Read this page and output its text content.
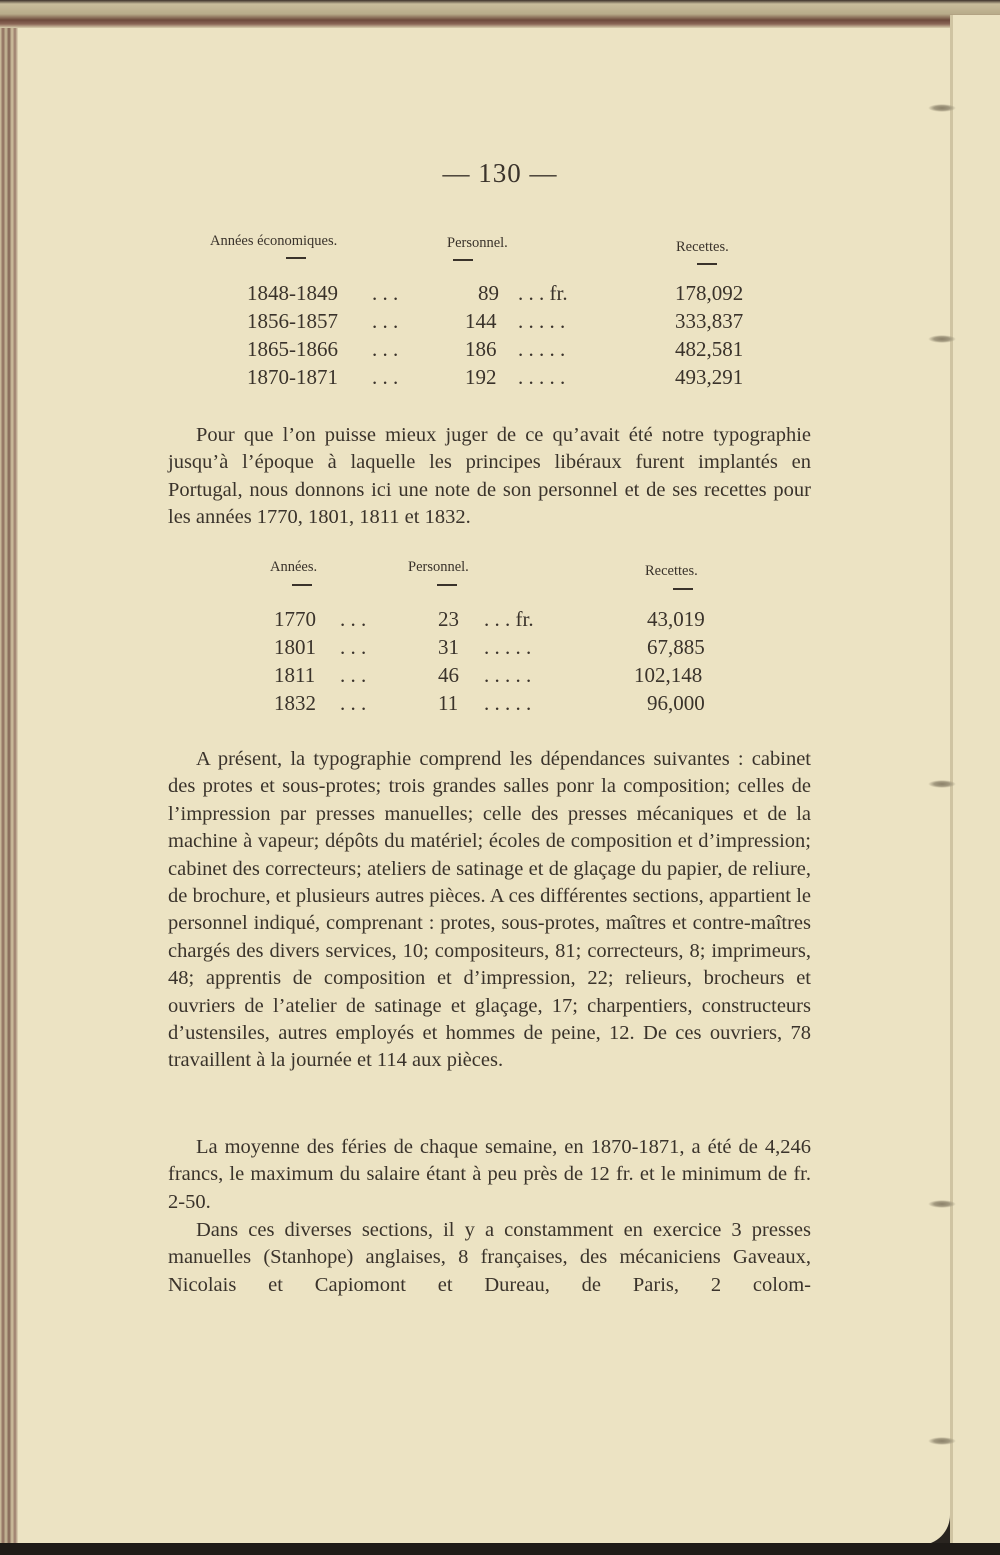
— 130 —
Années économiques.	Personnel.	Recettes.
1848-1849 . . .	89 . . . fr.	178,092
1856-1857 . . .	144 . . . . .	333,837
1865-1866 . . .	186 . . . . .	482,581
1870-1871 . . .	192 . . . . .	493,291

Pour que l’on puisse mieux juger de ce qu’avait été notre typographie jusqu’à l’époque à laquelle les principes libéraux furent implantés en Portugal, nous donnons ici une note de son personnel et de ses recettes pour les années 1770, 1801, 1811 et 1832.

Années.	Personnel.	Recettes.
1770 . . .	23 . . . fr.	43,019
1801 . . .	31 . . . . .	67,885
1811 . . .	46 . . . . .	102,148
1832 . . .	11 . . . . .	96,000

A présent, la typographie comprend les dépendances suivantes : cabinet des protes et sous-protes; trois grandes salles ponr la composition; celles de l’impression par presses manuelles; celle des presses mécaniques et de la machine à vapeur; dépôts du matériel; écoles de composition et d’impression; cabinet des correcteurs; ateliers de satinage et de glaçage du papier, de reliure, de brochure, et plusieurs autres pièces. A ces différentes sections, appartient le personnel indiqué, comprenant : protes, sous-protes, maîtres et contre-maîtres chargés des divers services, 10; compositeurs, 81; correcteurs, 8; imprimeurs, 48; apprentis de composition et d’impression, 22; relieurs, brocheurs et ouvriers de l’atelier de satinage et glaçage, 17; charpentiers, constructeurs d’ustensiles, autres employés et hommes de peine, 12. De ces ouvriers, 78 travaillent à la journée et 114 aux pièces.

La moyenne des féries de chaque semaine, en 1870-1871, a été de 4,246 francs, le maximum du salaire étant à peu près de 12 fr. et le minimum de fr. 2-50.

Dans ces diverses sections, il y a constamment en exercice 3 presses manuelles (Stanhope) anglaises, 8 françaises, des mécaniciens Gaveaux, Nicolais et Capiomont et Dureau, de Paris, 2 colom-
